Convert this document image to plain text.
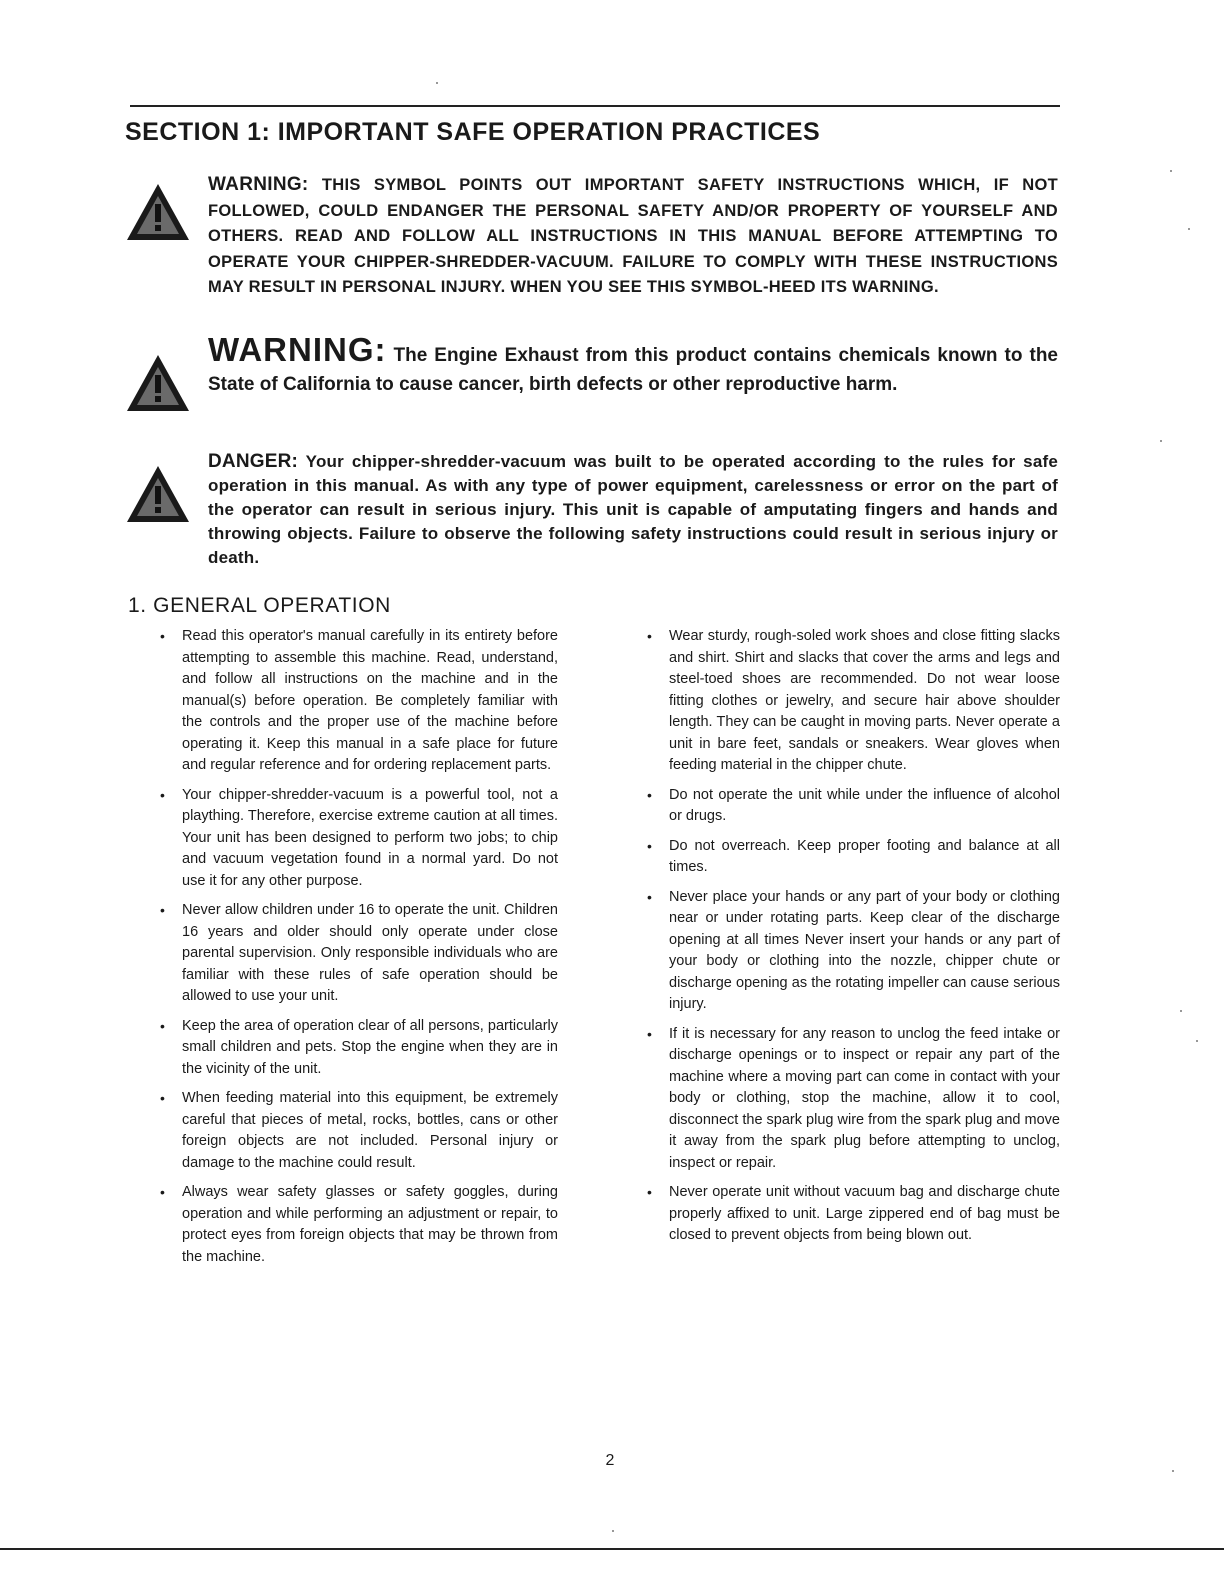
SECTION 1: IMPORTANT SAFE OPERATION PRACTICES

WARNING: THIS SYMBOL POINTS OUT IMPORTANT SAFETY INSTRUCTIONS WHICH, IF NOT FOLLOWED, COULD ENDANGER THE PERSONAL SAFETY AND/OR PROPERTY OF YOURSELF AND OTHERS. READ AND FOLLOW ALL INSTRUCTIONS IN THIS MANUAL BEFORE ATTEMPTING TO OPERATE YOUR CHIPPER-SHREDDER-VACUUM. FAILURE TO COMPLY WITH THESE INSTRUCTIONS MAY RESULT IN PERSONAL INJURY. WHEN YOU SEE THIS SYMBOL-HEED ITS WARNING.

WARNING: The Engine Exhaust from this product contains chemicals known to the State of California to cause cancer, birth defects or other reproductive harm.

DANGER: Your chipper-shredder-vacuum was built to be operated according to the rules for safe operation in this manual. As with any type of power equipment, carelessness or error on the part of the operator can result in serious injury. This unit is capable of amputating fingers and hands and throwing objects. Failure to observe the following safety instructions could result in serious injury or death.

1. GENERAL OPERATION
• Read this operator's manual carefully in its entirety before attempting to assemble this machine. Read, understand, and follow all instructions on the machine and in the manual(s) before operation. Be completely familiar with the controls and the proper use of the machine before operating it. Keep this manual in a safe place for future and regular reference and for ordering replacement parts.
• Your chipper-shredder-vacuum is a powerful tool, not a plaything. Therefore, exercise extreme caution at all times. Your unit has been designed to perform two jobs; to chip and vacuum vegetation found in a normal yard. Do not use it for any other purpose.
• Never allow children under 16 to operate the unit. Children 16 years and older should only operate under close parental supervision. Only responsible individuals who are familiar with these rules of safe operation should be allowed to use your unit.
• Keep the area of operation clear of all persons, particularly small children and pets. Stop the engine when they are in the vicinity of the unit.
• When feeding material into this equipment, be extremely careful that pieces of metal, rocks, bottles, cans or other foreign objects are not included. Personal injury or damage to the machine could result.
• Always wear safety glasses or safety goggles, during operation and while performing an adjustment or repair, to protect eyes from foreign objects that may be thrown from the machine.
• Wear sturdy, rough-soled work shoes and close fitting slacks and shirt. Shirt and slacks that cover the arms and legs and steel-toed shoes are recommended. Do not wear loose fitting clothes or jewelry, and secure hair above shoulder length. They can be caught in moving parts. Never operate a unit in bare feet, sandals or sneakers. Wear gloves when feeding material in the chipper chute.
• Do not operate the unit while under the influence of alcohol or drugs.
• Do not overreach. Keep proper footing and balance at all times.
• Never place your hands or any part of your body or clothing near or under rotating parts. Keep clear of the discharge opening at all times Never insert your hands or any part of your body or clothing into the nozzle, chipper chute or discharge opening as the rotating impeller can cause serious injury.
• If it is necessary for any reason to unclog the feed intake or discharge openings or to inspect or repair any part of the machine where a moving part can come in contact with your body or clothing, stop the machine, allow it to cool, disconnect the spark plug wire from the spark plug and move it away from the spark plug before attempting to unclog, inspect or repair.
• Never operate unit without vacuum bag and discharge chute properly affixed to unit. Large zippered end of bag must be closed to prevent objects from being blown out.
2
